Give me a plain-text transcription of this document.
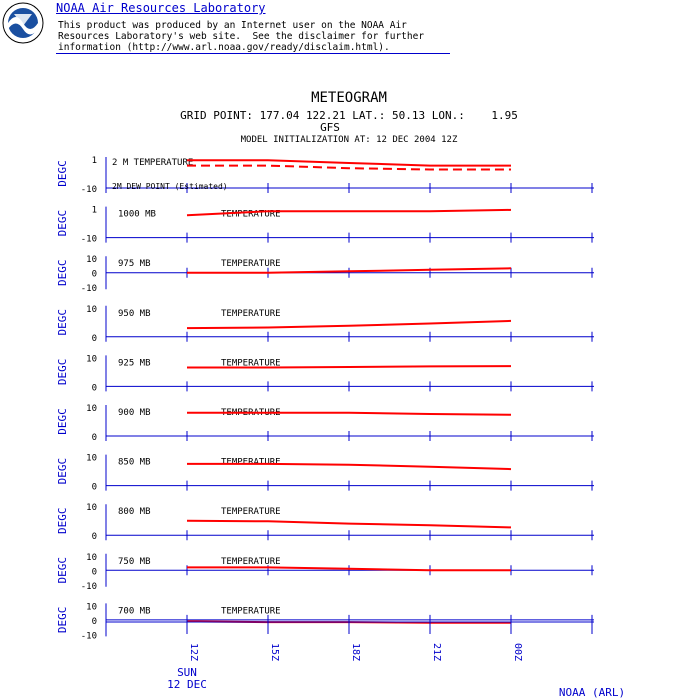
NOAA Air Resources Laboratory
This product was produced by an Internet user on the NOAA Air
Resources Laboratory's web site.  See the disclaimer for further
information (http://www.arl.noaa.gov/ready/disclaim.html).
METEOGRAM
GRID POINT: 177.04 122.21 LAT.: 50.13 LON.:    1.95
GFS
MODEL INITIALIZATION AT: 12 DEC 2004 12Z
1
-10
DEGC	2 M TEMPERATURE
2M DEW POINT (Estimated)
1
-10
DEGC	1000 MB	TEMPERATURE
10
0
-10
DEGC	975 MB	TEMPERATURE
10
0
DEGC	950 MB	TEMPERATURE
10
0
DEGC	925 MB	TEMPERATURE
10
0
DEGC	900 MB	TEMPERATURE
10
0
DEGC	850 MB	TEMPERATURE
10
0
DEGC	800 MB	TEMPERATURE
10
0
-10
DEGC	750 MB	TEMPERATURE
10
0
-10
DEGC	700 MB	TEMPERATURE
12Z	15Z	18Z	21Z	00Z
SUN
12 DEC
NOAA (ARL)
